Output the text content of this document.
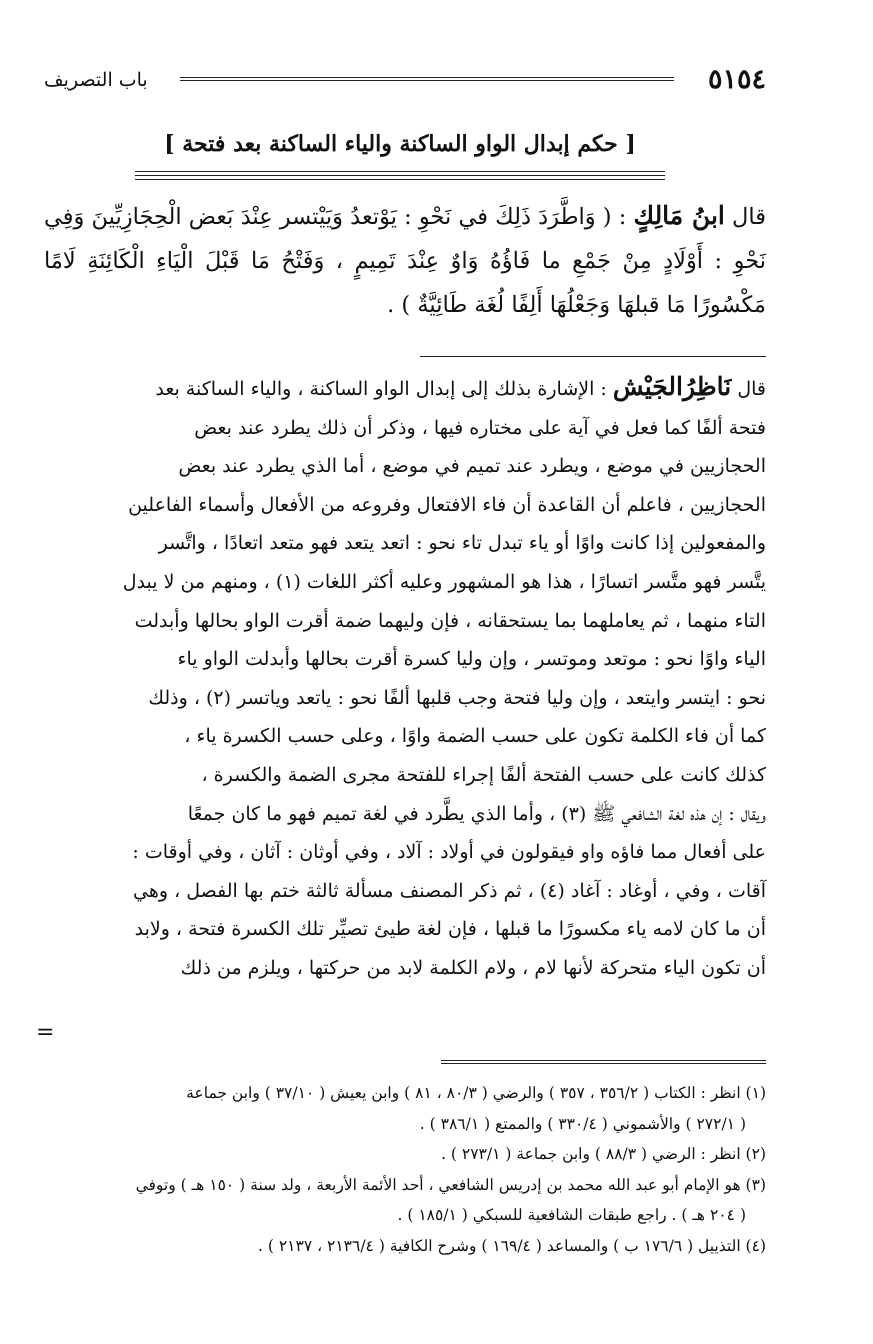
٥١٥٤
باب التصريف
[ حكم إبدال الواو الساكنة والياء الساكنة بعد فتحة ]
قال ابنُ مَالِكٍ : ( وَاطَّرَدَ ذَلِكَ في نَحْوِ : يَوْتعدُ وَيَيْتسر عِنْدَ بَعض الْحِجَازِيِّينَ وَفِي نَحْوِ : أَوْلَادٍ مِنْ جَمْعِ ما فَاؤُهُ وَاوٌ عِنْدَ تَمِيمٍ ، وَفَتْحُ مَا قَبْلَ الْيَاءِ الْكَائِنَةِ لَامًا مَكْسُورًا مَا قبلهَا وَجَعْلُهَا أَلِفًا لُغَة طَائِيَّةٌ ) .
قال نَاظِرُالجَيْش : الإشارة بذلك إلى إبدال الواو الساكنة ، والياء الساكنة بعد
فتحة ألفًا كما فعل في آية على مختاره فيها ، وذكر أن ذلك يطرد عند بعض
الحجازيين في موضع ، ويطرد عند تميم في موضع ، أما الذي يطرد عند بعض
الحجازيين ، فاعلم أن القاعدة أن فاء الافتعال وفروعه من الأفعال وأسماء الفاعلين
والمفعولين إذا كانت واوًا أو ياء تبدل تاء نحو : اتعد يتعد فهو متعد اتعادًا ، واتَّسر
يتَّسر فهو متَّسر اتسارًا ، هذا هو المشهور وعليه أكثر اللغات (١) ، ومنهم من لا يبدل
التاء منهما ، ثم يعاملهما بما يستحقانه ، فإن وليهما ضمة أقرت الواو بحالها وأبدلت
الياء واوًا نحو : موتعد وموتسر ، وإن وليا كسرة أقرت بحالها وأبدلت الواو ياء
نحو : ايتسر وايتعد ، وإن وليا فتحة وجب قلبها ألفًا نحو : ياتعد وياتسر (٢) ، وذلك
كما أن فاء الكلمة تكون على حسب الضمة واوًا ، وعلى حسب الكسرة ياء ،
كذلك كانت على حسب الفتحة ألفًا إجراء للفتحة مجرى الضمة والكسرة ،
ويقال : إن هذه لغة الشافعي ﷺ (٣) ، وأما الذي يطَّرد في لغة تميم فهو ما كان جمعًا
على أفعال مما فاؤه واو فيقولون في أولاد : آلاد ، وفي أوثان : آثان ، وفي أوقات :
آقات ، وفي ، أوغاد : آغاد (٤) ، ثم ذكر المصنف مسألة ثالثة ختم بها الفصل ، وهي
أن ما كان لامه ياء مكسورًا ما قبلها ، فإن لغة طيئ تصيِّر تلك الكسرة فتحة ، ولابد
أن تكون الياء متحركة لأنها لام ، ولام الكلمة لابد من حركتها ، ويلزم من ذلك
=
(١) انظر : الكتاب ( ٣٥٦/٢ ، ٣٥٧ ) والرضي ( ٨٠/٣ ، ٨١ ) وابن يعيش ( ٣٧/١٠ ) وابن جماعة
( ٢٧٢/١ ) والأشموني ( ٣٣٠/٤ ) والممتع ( ٣٨٦/١ ) .
(٢) انظر : الرضي ( ٨٨/٣ ) وابن جماعة ( ٢٧٣/١ ) .
(٣) هو الإمام أبو عبد الله محمد بن إدريس الشافعي ، أحد الأئمة الأربعة ، ولد سنة ( ١٥٠ هـ ) وتوفي
( ٢٠٤ هـ ) . راجع طبقات الشافعية للسبكي ( ١٨٥/١ ) .
(٤) التذييل ( ١٧٦/٦ ب ) والمساعد ( ١٦٩/٤ ) وشرح الكافية ( ٢١٣٦/٤ ، ٢١٣٧ ) .
